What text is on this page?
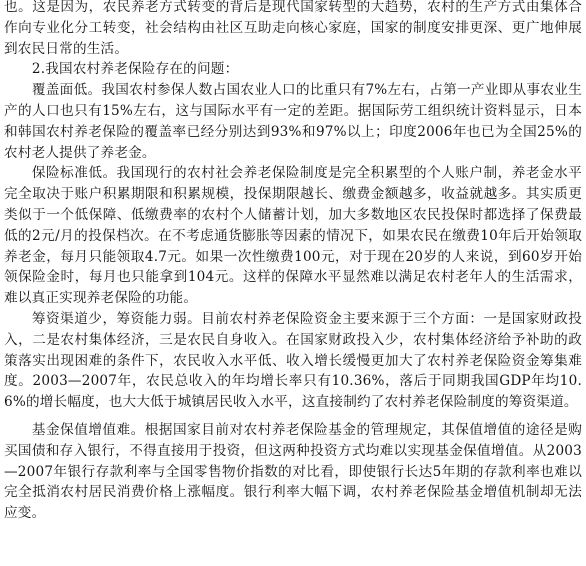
也。这是因为，农民养老方式转变的背后是现代国家转型的大趋势，农村的生产方式由集体合作向专业化分工转变，社会结构由社区互助走向核心家庭，国家的制度安排更深、更广地伸展到农民日常的生活。

2.我国农村养老保险存在的问题：

覆盖面低。我国农村参保人数占国农业人口的比重只有7%左右，占第一产业即从事农业生产的人口也只有15%左右，这与国际水平有一定的差距。据国际劳工组织统计资料显示，日本和韩国农村养老保险的覆盖率已经分别达到93%和97%以上；印度2006年也已为全国25%的农村老人提供了养老金。

保险标准低。我国现行的农村社会养老保险制度是完全积累型的个人账户制，养老金水平完全取决于账户积累期限和积累规模，投保期限越长、缴费金额越多，收益就越多。其实质更类似于一个低保障、低缴费率的农村个人储蓄计划，加大多数地区农民投保时都选择了保费最低的2元/月的投保档次。在不考虑通货膨胀等因素的情况下，如果农民在缴费10年后开始领取养老金，每月只能领取4.7元。如果一次性缴费100元，对于现在20岁的人来说，到60岁开始领保险金时，每月也只能拿到104元。这样的保障水平显然难以满足农村老年人的生活需求，难以真正实现养老保险的功能。

筹资渠道少，筹资能力弱。目前农村养老保险资金主要来源于三个方面：一是国家财政投入，二是农村集体经济，三是农民自身收入。在国家财政投入少，农村集体经济给予补助的政策落实出现困难的条件下，农民收入水平低、收入增长缓慢更加大了农村养老保险资金筹集难度。2003—2007年，农民总收入的年均增长率只有10.36%，落后于同期我国GDP年均10.6%的增长幅度，也大大低于城镇居民收入水平，这直接制约了农村养老保险制度的筹资渠道。

基金保值增值难。根据国家目前对农村养老保险基金的管理规定，其保值增值的途径是购买国债和存入银行，不得直接用于投资，但这两种投资方式均难以实现基金保值增值。从2003—2007年银行存款利率与全国零售物价指数的对比看，即使银行长达5年期的存款利率也难以完全抵消农村居民消费价格上涨幅度。银行利率大幅下调，农村养老保险基金增值机制却无法应变。
